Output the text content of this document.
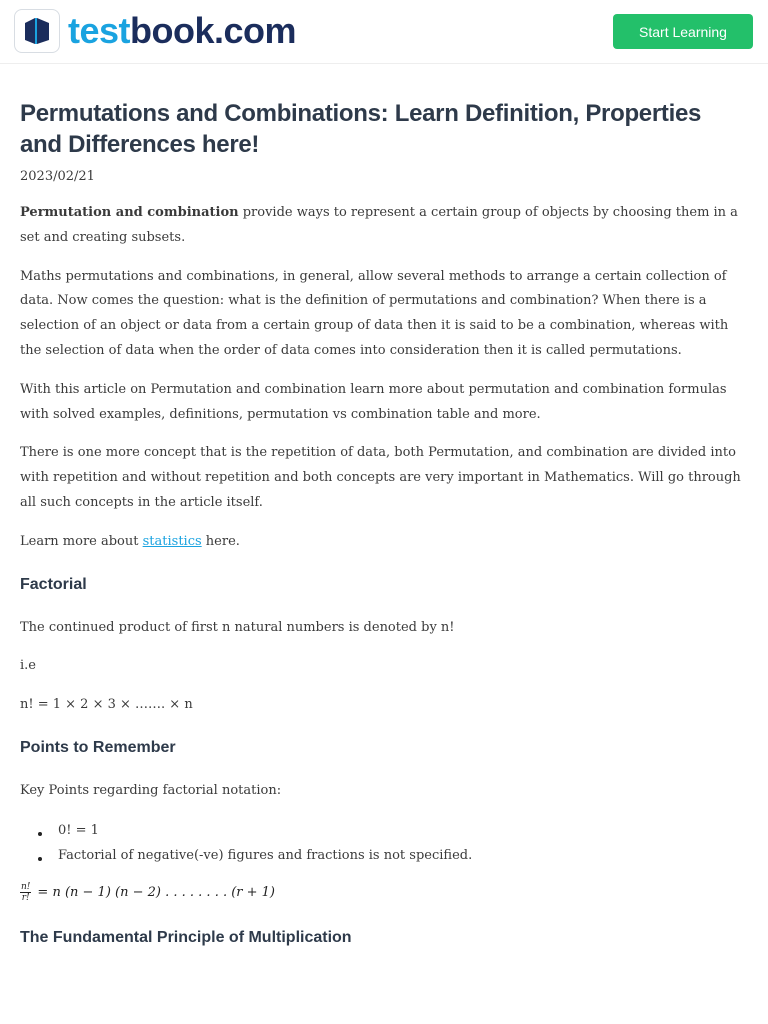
testbook.com	Start Learning
Permutations and Combinations: Learn Definition, Properties and Differences here!
2023/02/21

Permutation and combination provide ways to represent a certain group of objects by choosing them in a set and creating subsets.

Maths permutations and combinations, in general, allow several methods to arrange a certain collection of data. Now comes the question: what is the definition of permutations and combination? When there is a selection of an object or data from a certain group of data then it is said to be a combination, whereas with the selection of data when the order of data comes into consideration then it is called permutations.

With this article on Permutation and combination learn more about permutation and combination formulas with solved examples, definitions, permutation vs combination table and more.

There is one more concept that is the repetition of data, both Permutation, and combination are divided into with repetition and without repetition and both concepts are very important in Mathematics. Will go through all such concepts in the article itself.

Learn more about statistics here.

Factorial

The continued product of first n natural numbers is denoted by n!

i.e

n! = 1 × 2 × 3 × ……. × n

Points to Remember

Key Points regarding factorial notation:

0! = 1
Factorial of negative(-ve) figures and fractions is not specified.
$\frac{n!}{r!} = n$ (n − 1) (n − 2) . . . . . . . . (r + 1)
The Fundamental Principle of Multiplication
